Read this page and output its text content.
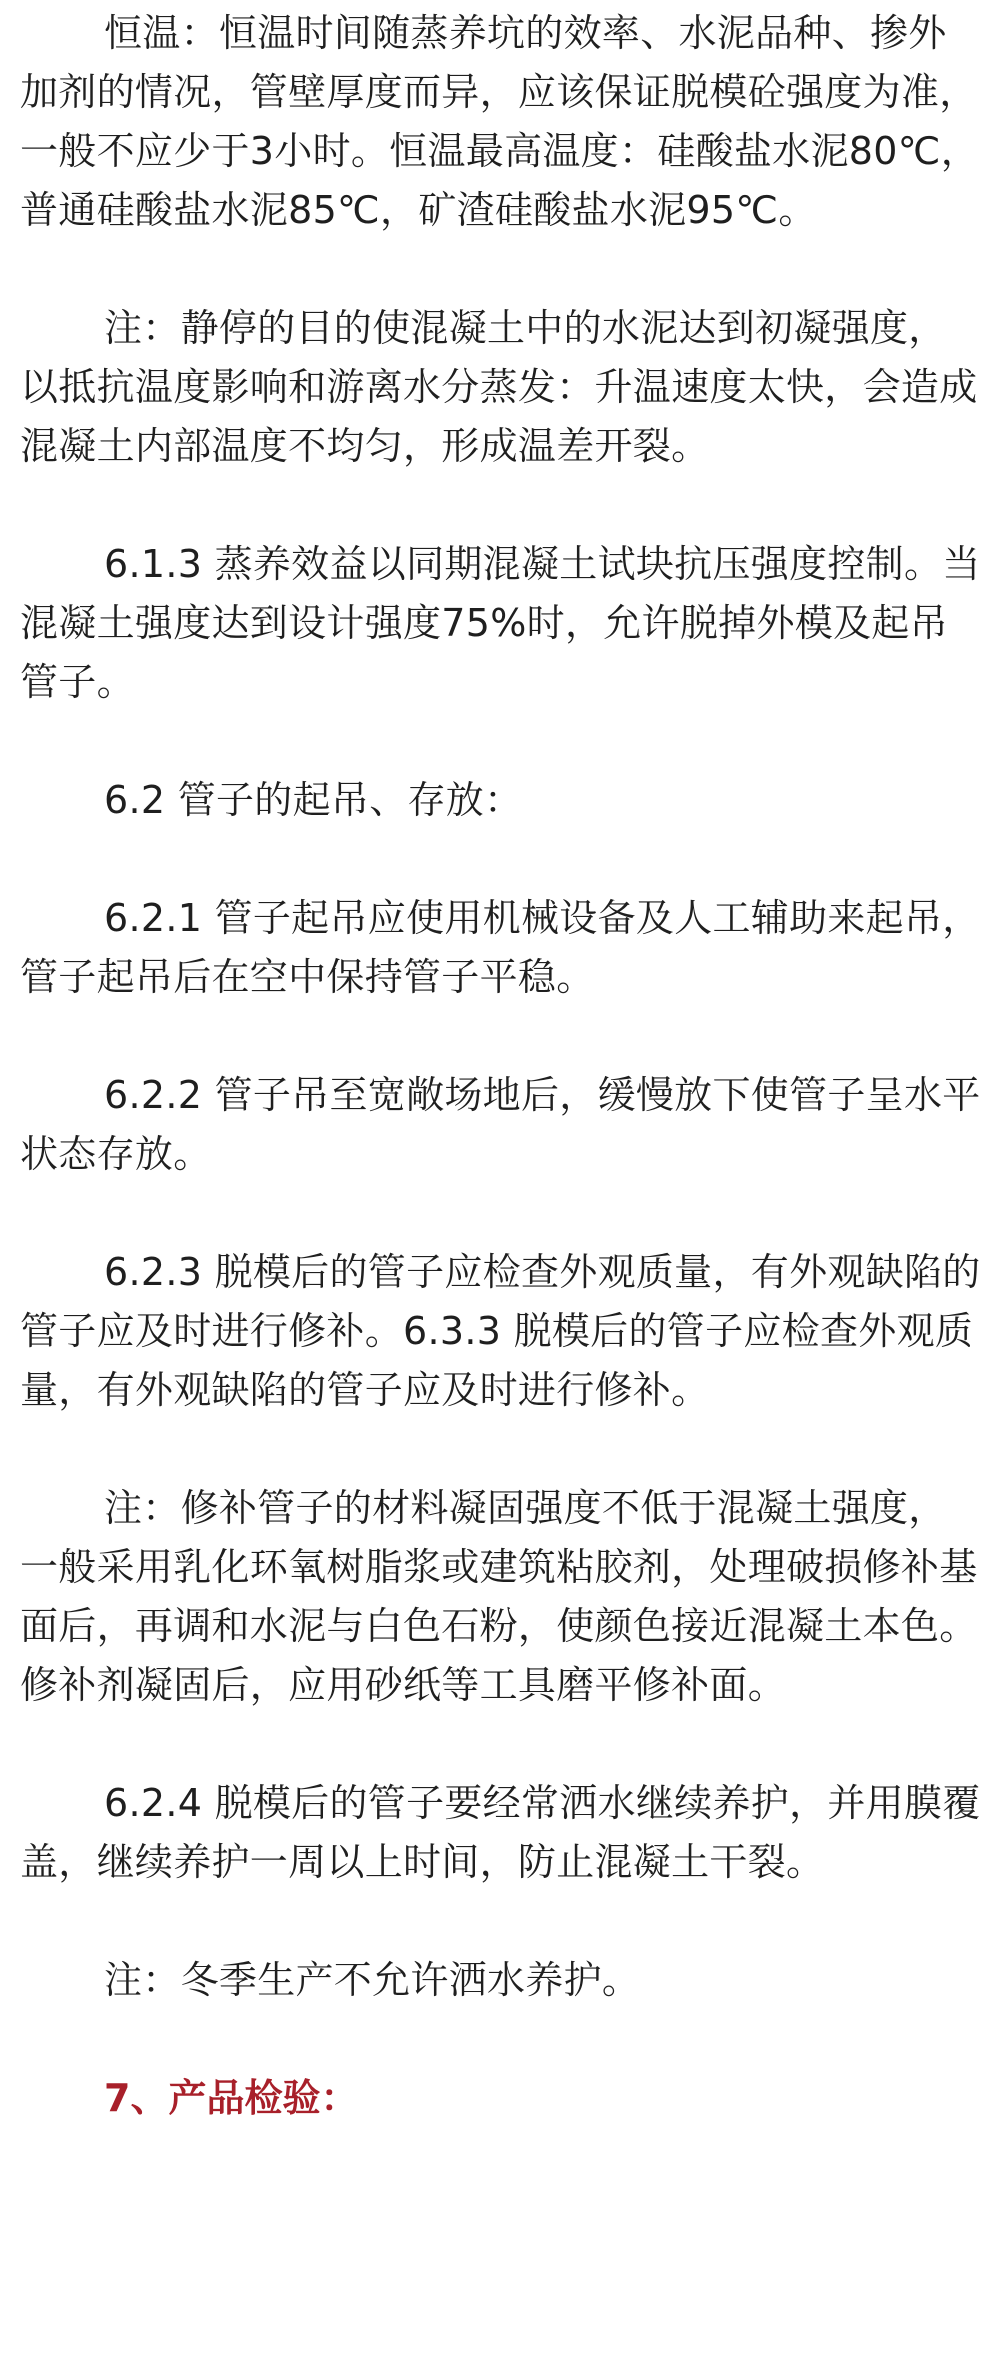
恒温：恒温时间随蒸养坑的效率、水泥品种、掺外加剂的情况，管壁厚度而异，应该保证脱模砼强度为准，一般不应少于3小时。恒温最高温度：硅酸盐水泥80℃，普通硅酸盐水泥85℃，矿渣硅酸盐水泥95℃。

注：静停的目的使混凝土中的水泥达到初凝强度，以抵抗温度影响和游离水分蒸发：升温速度太快，会造成混凝土内部温度不均匀，形成温差开裂。

6.1.3 蒸养效益以同期混凝土试块抗压强度控制。当混凝土强度达到设计强度75%时，允许脱掉外模及起吊管子。

6.2 管子的起吊、存放：

6.2.1 管子起吊应使用机械设备及人工辅助来起吊，管子起吊后在空中保持管子平稳。

6.2.2 管子吊至宽敞场地后，缓慢放下使管子呈水平状态存放。

6.2.3 脱模后的管子应检查外观质量，有外观缺陷的管子应及时进行修补。6.3.3 脱模后的管子应检查外观质量，有外观缺陷的管子应及时进行修补。

注：修补管子的材料凝固强度不低于混凝土强度，一般采用乳化环氧树脂浆或建筑粘胶剂，处理破损修补基面后，再调和水泥与白色石粉，使颜色接近混凝土本色。修补剂凝固后，应用砂纸等工具磨平修补面。

6.2.4 脱模后的管子要经常洒水继续养护，并用膜覆盖，继续养护一周以上时间，防止混凝土干裂。

注：冬季生产不允许洒水养护。

7、产品检验：
